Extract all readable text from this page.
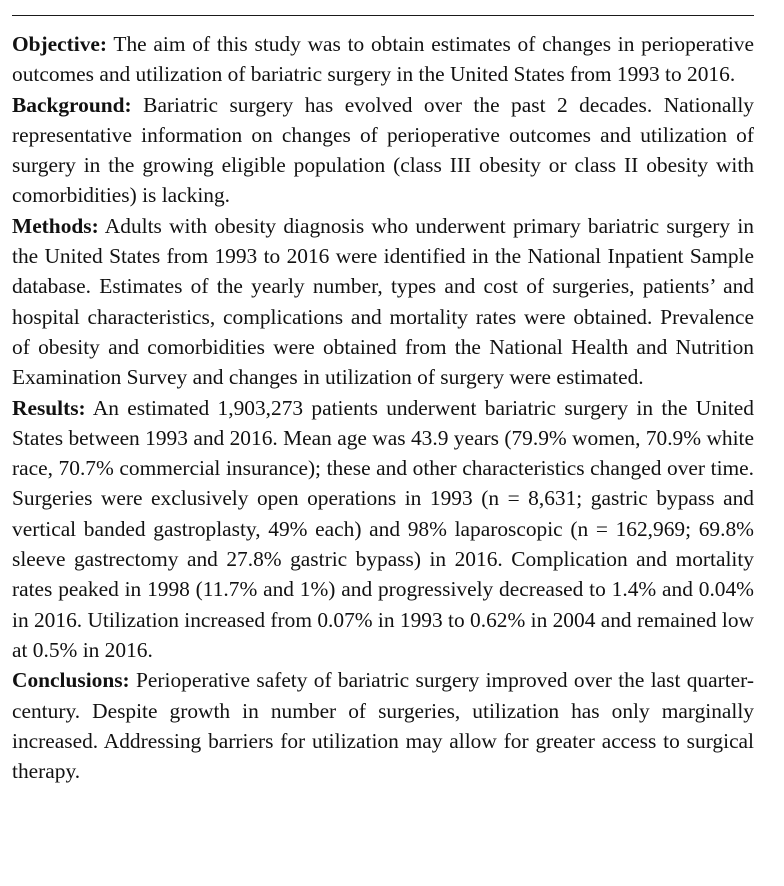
Objective: The aim of this study was to obtain estimates of changes in perioperative outcomes and utilization of bariatric surgery in the United States from 1993 to 2016.

Background: Bariatric surgery has evolved over the past 2 decades. Nationally representative information on changes of perioperative outcomes and utilization of surgery in the growing eligible population (class III obesity or class II obesity with comorbidities) is lacking.

Methods: Adults with obesity diagnosis who underwent primary bariatric surgery in the United States from 1993 to 2016 were identified in the National Inpatient Sample database. Estimates of the yearly number, types and cost of surgeries, patients’ and hospital characteristics, complications and mortality rates were obtained. Prevalence of obesity and comorbidities were obtained from the National Health and Nutrition Examination Survey and changes in utilization of surgery were estimated.

Results: An estimated 1,903,273 patients underwent bariatric surgery in the United States between 1993 and 2016. Mean age was 43.9 years (79.9% women, 70.9% white race, 70.7% commercial insurance); these and other characteristics changed over time. Surgeries were exclusively open operations in 1993 (n = 8,631; gastric bypass and vertical banded gastroplasty, 49% each) and 98% laparoscopic (n = 162,969; 69.8% sleeve gastrectomy and 27.8% gastric bypass) in 2016. Complication and mortality rates peaked in 1998 (11.7% and 1%) and progressively decreased to 1.4% and 0.04% in 2016. Utilization increased from 0.07% in 1993 to 0.62% in 2004 and remained low at 0.5% in 2016.

Conclusions: Perioperative safety of bariatric surgery improved over the last quarter-century. Despite growth in number of surgeries, utilization has only marginally increased. Addressing barriers for utilization may allow for greater access to surgical therapy.
